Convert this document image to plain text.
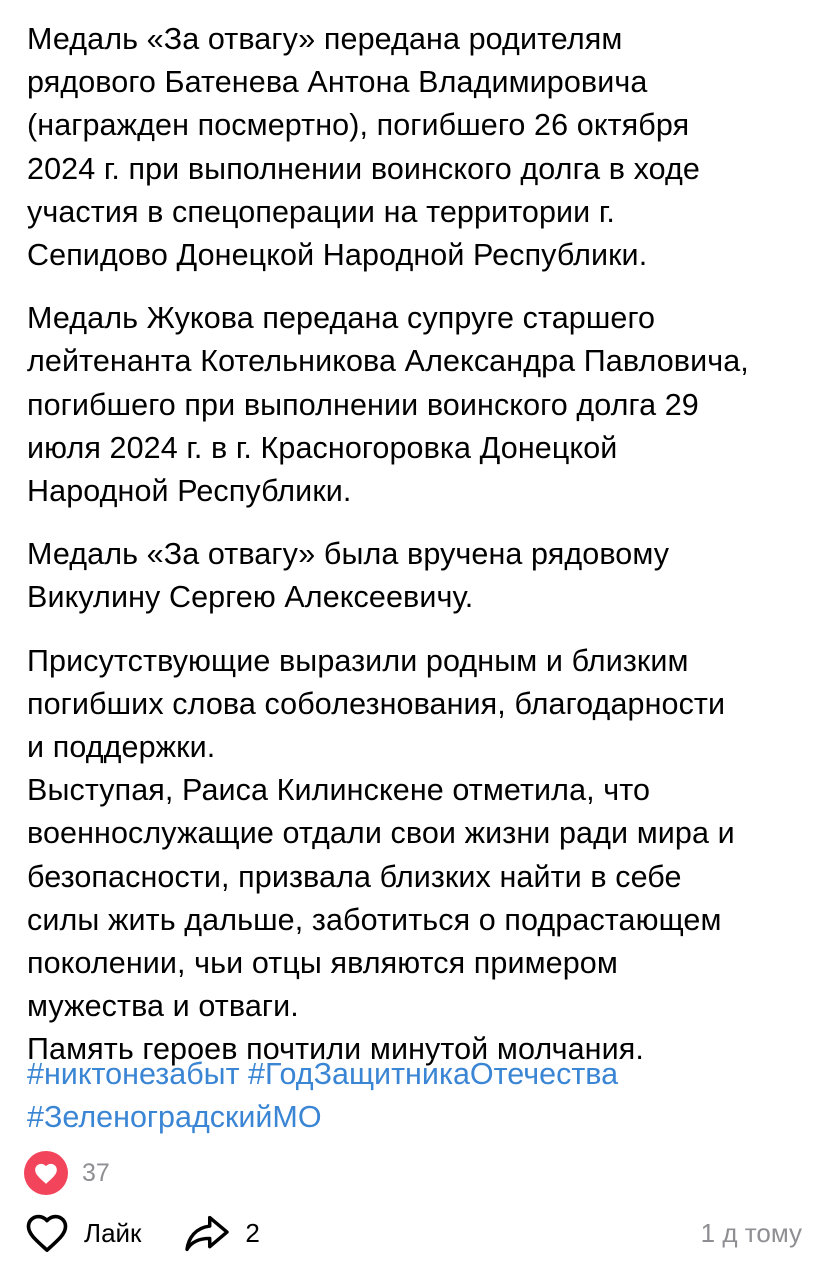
Медаль «За отвагу» передана родителям
рядового Батенева Антона Владимировича
(награжден посмертно), погибшего 26 октября
2024 г. при выполнении воинского долга в ходе
участия в спецоперации на территории г.
Сепидово Донецкой Народной Республики.

Медаль Жукова передана супруге старшего
лейтенанта Котельникова Александра Павловича,
погибшего при выполнении воинского долга 29
июля 2024 г. в г. Красногоровка Донецкой
Народной Республики.

Медаль «За отвагу» была вручена рядовому
Викулину Сергею Алексеевичу.

Присутствующие выразили родным и близким
погибших слова соболезнования, благодарности
и поддержки.
Выступая, Раиса Килинскене отметила, что
военнослужащие отдали свои жизни ради мира и
безопасности, призвала близких найти в себе
силы жить дальше, заботиться о подрастающем
поколении, чьи отцы являются примером
мужества и отваги.
Память героев почтили минутой молчания.

#никтонезабыт #ГодЗащитникаОтечества
#ЗеленоградскийМО
37
Лайк	2	1 д тому
